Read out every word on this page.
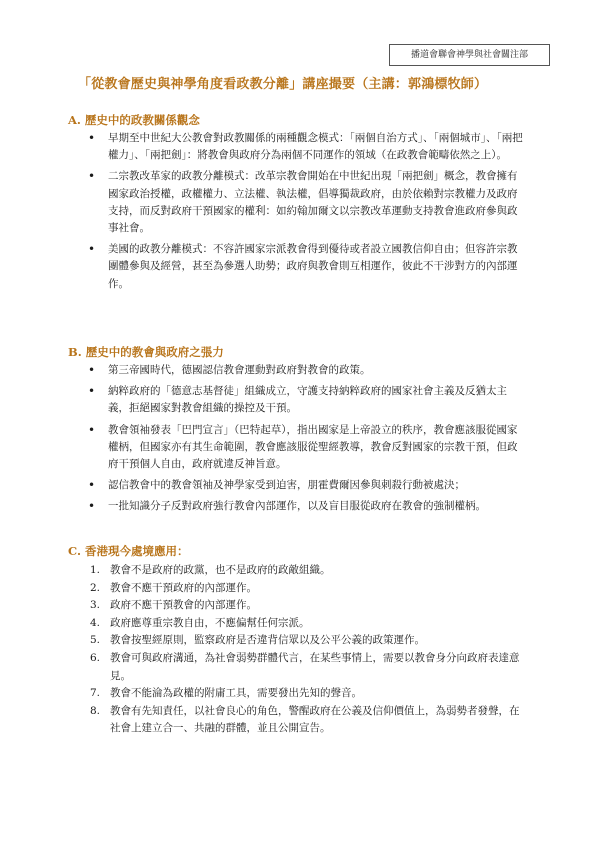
播道會聯會神學與社會關注部
「從教會歷史與神學角度看政教分離」講座撮要（主講：郭鴻標牧師）
A. 歷史中的政教關係觀念
• 早期至中世紀大公教會對政教關係的兩種觀念模式：「兩個自治方式」、「兩個城市」、「兩把權力」、「兩把劍」：將教會與政府分為兩個不同運作的領域（在政教會範疇依然之上）。
• 二宗教改革家的政教分離模式：改革宗教會開始在中世紀出現「兩把劍」概念，教會擁有國家政治授權，政權權力、立法權、執法權，倡導獨裁政府，由於依賴對宗教權力及政府支持，而反對政府干預國家的權利：如約翰加爾文以宗教改革運動支持教會進政府參與政事社會。
• 美國的政教分離模式：不容許國家宗派教會得到優待或者設立國教信仰自由；但容許宗教團體參與及經營，甚至為參選人助勢；政府與教會則互相運作，彼此不干涉對方的內部運作。
B. 歷史中的教會與政府之張力
• 第三帝國時代，德國認信教會運動對政府對教會的政策。
• 納粹政府的「德意志基督徒」組織成立，守護支持納粹政府的國家社會主義及反猶太主義，拒絕國家對教會組織的操控及干預。
• 教會領袖發表「巴門宣言」（巴特起草），指出國家是上帝設立的秩序，教會應該服從國家權柄，但國家亦有其生命範圍，教會應該服從聖經教導，教會反對國家的宗教干預，但政府干預個人自由，政府就違反神旨意。
• 認信教會中的教會領袖及神學家受到迫害，朋霍費爾因參與刺殺行動被處決；
• 一批知識分子反對政府強行教會內部運作，以及盲目服從政府在教會的強制權柄。
C. 香港現今處境應用：
1. 教會不是政府的政黨，也不是政府的政敵組織。
2. 教會不應干預政府的內部運作。
3. 政府不應干預教會的內部運作。
4. 政府應尊重宗教自由，不應偏幫任何宗派。
5. 教會按聖經原則，監察政府是否違背信眾以及公平公義的政策運作。
6. 教會可與政府溝通，為社會弱勢群體代言，在某些事情上，需要以教會身分向政府表達意見。
7. 教會不能淪為政權的附庸工具，需要發出先知的聲音。
8. 教會有先知責任，以社會良心的角色，警醒政府在公義及信仰價值上，為弱勢者發聲，在社會上建立合一、共融的群體，並且公開宣告。
